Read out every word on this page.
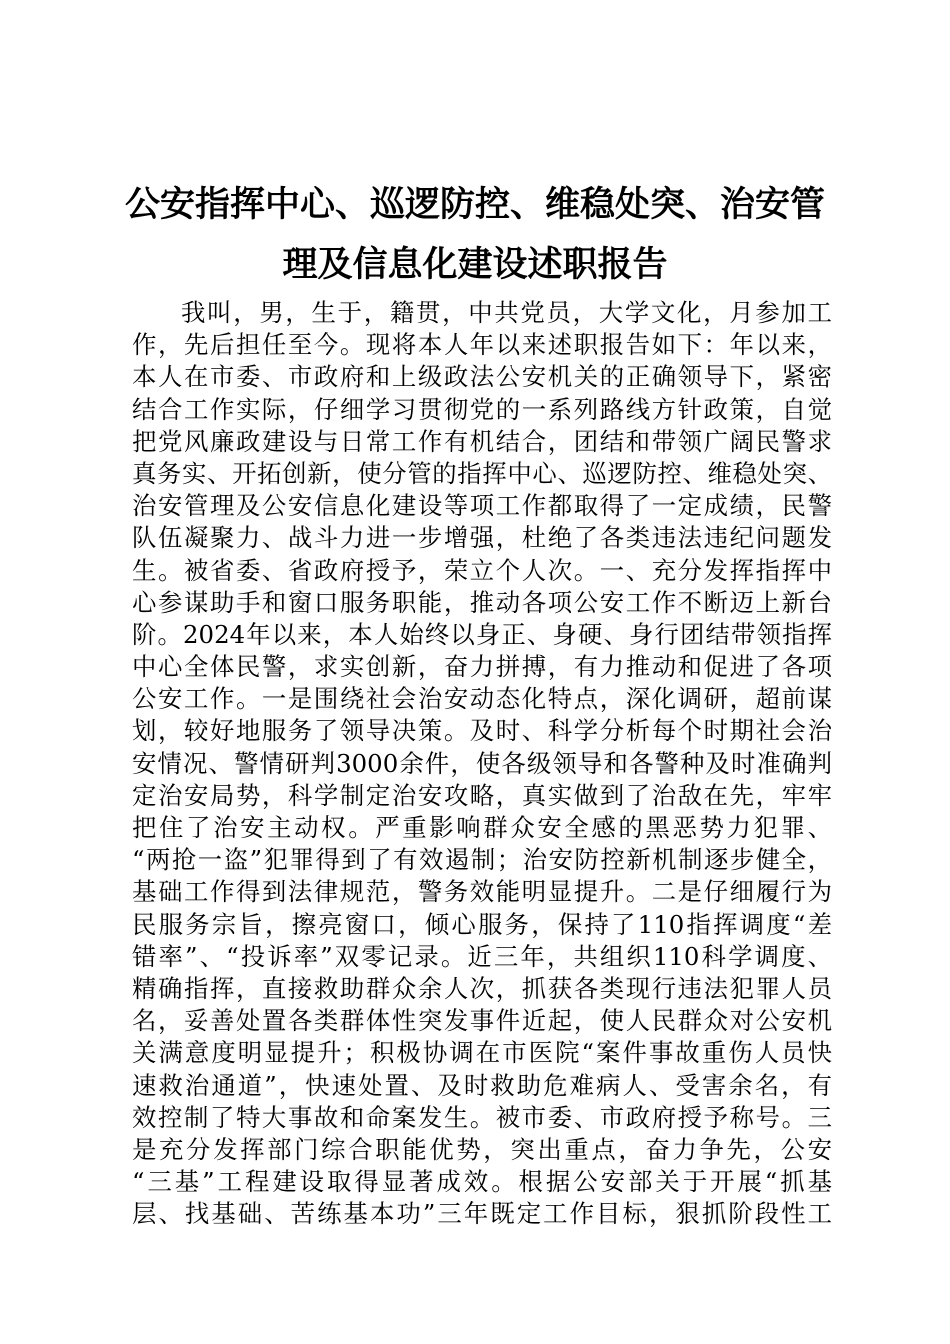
公安指挥中心、巡逻防控、维稳处突、治安管
理及信息化建设述职报告
我叫，男，生于，籍贯，中共党员，大学文化，月参加工
作，先后担任至今。现将本人年以来述职报告如下：年以来，
本人在市委、市政府和上级政法公安机关的正确领导下，紧密
结合工作实际，仔细学习贯彻党的一系列路线方针政策，自觉
把党风廉政建设与日常工作有机结合，团结和带领广阔民警求
真务实、开拓创新，使分管的指挥中心、巡逻防控、维稳处突、
治安管理及公安信息化建设等项工作都取得了一定成绩，民警
队伍凝聚力、战斗力进一步增强，杜绝了各类违法违纪问题发
生。被省委、省政府授予，荣立个人次。一、充分发挥指挥中
心参谋助手和窗口服务职能，推动各项公安工作不断迈上新台
阶。2024年以来，本人始终以身正、身硬、身行团结带领指挥
中心全体民警，求实创新，奋力拼搏，有力推动和促进了各项
公安工作。一是围绕社会治安动态化特点，深化调研，超前谋
划，较好地服务了领导决策。及时、科学分析每个时期社会治
安情况、警情研判3000余件，使各级领导和各警种及时准确判
定治安局势，科学制定治安攻略，真实做到了治敌在先，牢牢
把住了治安主动权。严重影响群众安全感的黑恶势力犯罪、
“两抢一盗”犯罪得到了有效遏制；治安防控新机制逐步健全，
基础工作得到法律规范，警务效能明显提升。二是仔细履行为
民服务宗旨，擦亮窗口，倾心服务，保持了110指挥调度“差
错率”、“投诉率”双零记录。近三年，共组织110科学调度、
精确指挥，直接救助群众余人次，抓获各类现行违法犯罪人员
名，妥善处置各类群体性突发事件近起，使人民群众对公安机
关满意度明显提升；积极协调在市医院“案件事故重伤人员快
速救治通道”，快速处置、及时救助危难病人、受害余名，有
效控制了特大事故和命案发生。被市委、市政府授予称号。三
是充分发挥部门综合职能优势，突出重点，奋力争先，公安
“三基”工程建设取得显著成效。根据公安部关于开展“抓基
层、找基础、苦练基本功”三年既定工作目标，狠抓阶段性工
